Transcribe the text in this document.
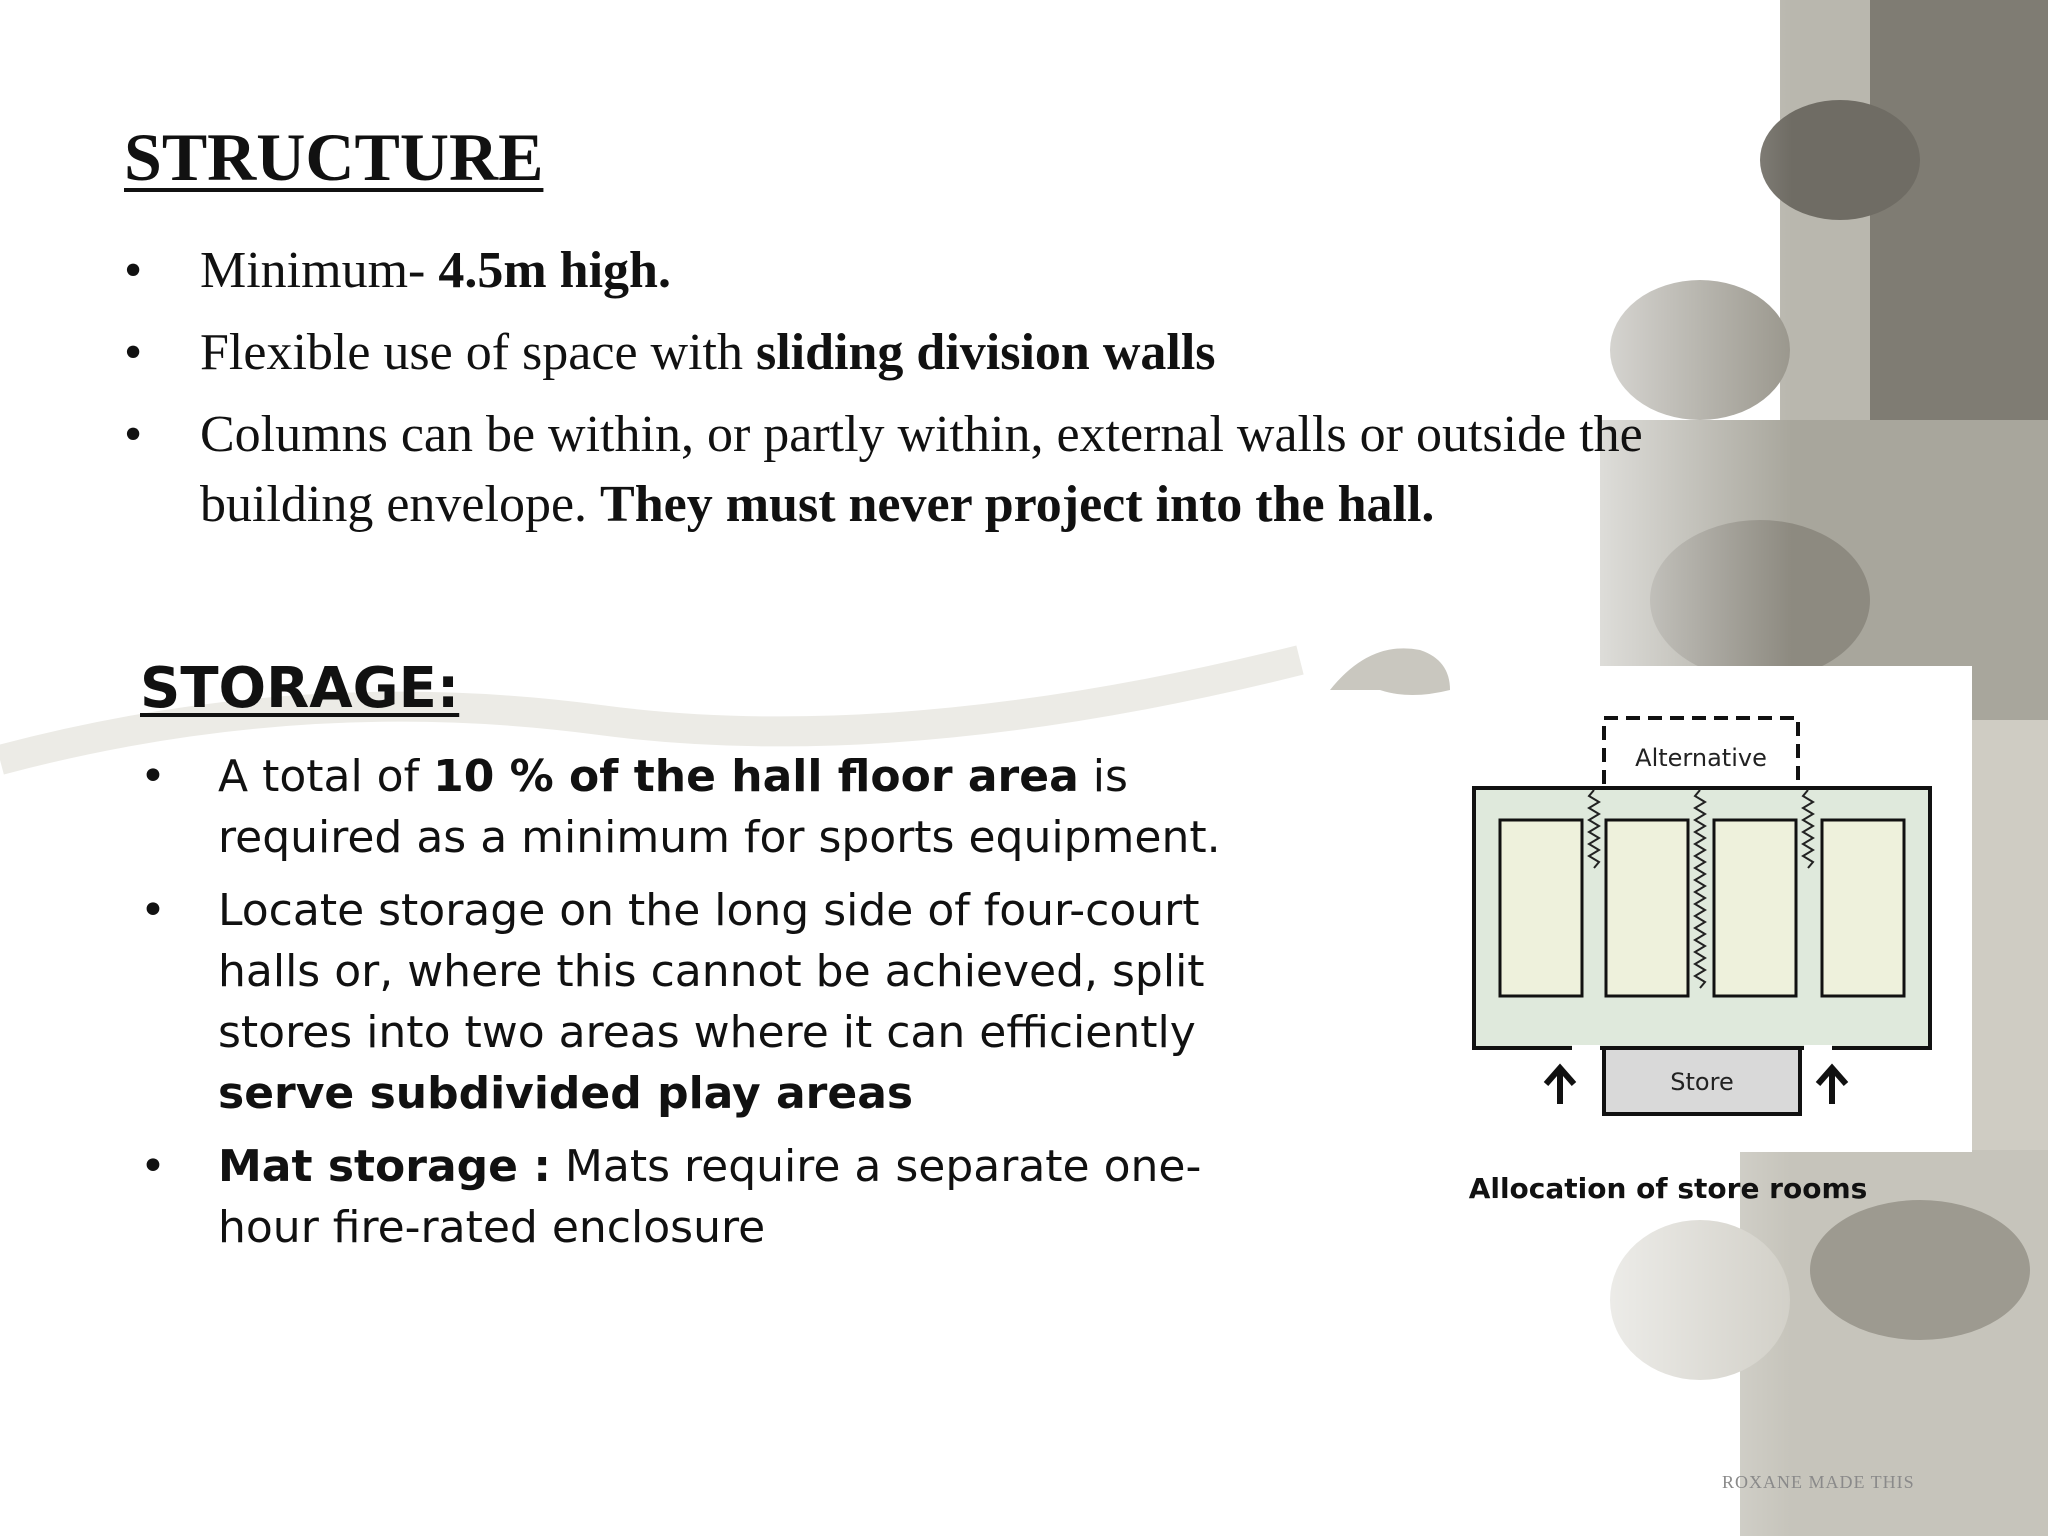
STRUCTURE
• Minimum- 4.5m high.
• Flexible use of space with sliding division walls
• Columns can be within, or partly within, external walls or outside the building envelope. They must never project into the hall.
STORAGE:
• A total of 10 % of the hall floor area is required as a minimum for sports equipment.
• Locate storage on the long side of four-court halls or, where this cannot be achieved, split stores into two areas where it can efficiently serve subdivided play areas
• Mat storage : Mats require a separate one-hour fire-rated enclosure
Alternative
Store
Allocation of store rooms
ROXANE MADE THIS
